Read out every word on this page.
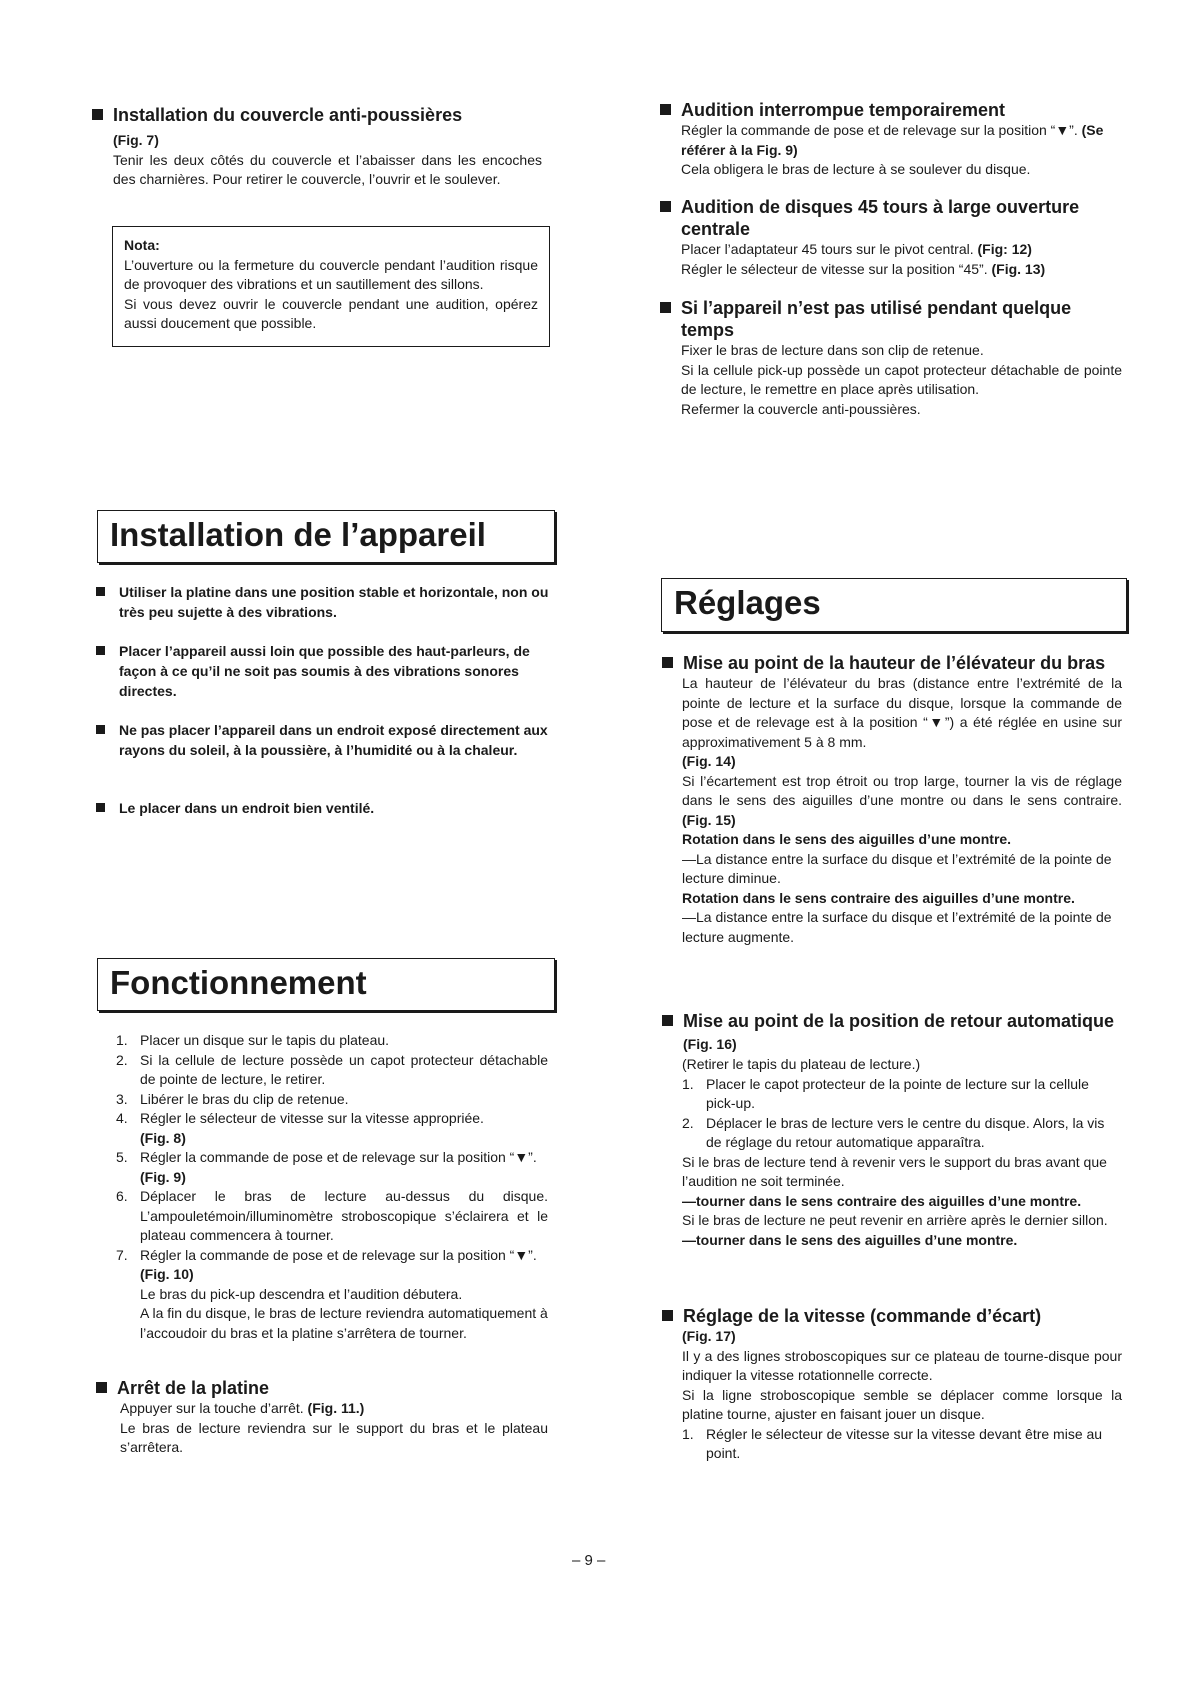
Installation du couvercle anti-poussières
(Fig. 7)
Tenir les deux côtés du couvercle et l’abaisser dans les encoches des charnières. Pour retirer le couvercle, l’ouvrir et le soulever.

Nota:

L’ouverture ou la fermeture du couvercle pendant l’audition risque de provoquer des vibrations et un sautillement des sillons.

Si vous devez ouvrir le couvercle pendant une audition, opérez aussi doucement que possible.

Installation de l’appareil
Utiliser la platine dans une position stable et horizontale, non ou très peu sujette à des vibrations.
Placer l’appareil aussi loin que possible des haut-parleurs, de façon à ce qu’il ne soit pas soumis à des vibrations sonores directes.
Ne pas placer l’appareil dans un endroit exposé directement aux rayons du soleil, à la poussière, à l’humidité ou à la chaleur.
Le placer dans un endroit bien ventilé.
Fonctionnement
1. Placer un disque sur le tapis du plateau.
2. Si la cellule de lecture possède un capot protecteur détachable de pointe de lecture, le retirer.
3. Libérer le bras du clip de retenue.
4. Régler le sélecteur de vitesse sur la vitesse appropriée.
(Fig. 8)
5. Régler la commande de pose et de relevage sur la position “▼”. (Fig. 9)
6. Déplacer le bras de lecture au-dessus du disque. L’ampouletémoin/illuminomètre stroboscopique s’éclairera et le plateau commencera à tourner.
7. Régler la commande de pose et de relevage sur la position “▼”. (Fig. 10)
Le bras du pick-up descendra et l’audition débutera.
A la fin du disque, le bras de lecture reviendra automatiquement à l’accoudoir du bras et la platine s’arrêtera de tourner.
Arrêt de la platine
Appuyer sur la touche d’arrêt. (Fig. 11.)
Le bras de lecture reviendra sur le support du bras et le plateau s’arrêtera.
Audition interrompue temporairement
Régler la commande de pose et de relevage sur la position “▼”. (Se référer à la Fig. 9)
Cela obligera le bras de lecture à se soulever du disque.
Audition de disques 45 tours à large ouverture centrale
Placer l’adaptateur 45 tours sur le pivot central. (Fig: 12)
Régler le sélecteur de vitesse sur la position “45”. (Fig. 13)
Si l’appareil n’est pas utilisé pendant quelque temps
Fixer le bras de lecture dans son clip de retenue.
Si la cellule pick-up possède un capot protecteur détachable de pointe de lecture, le remettre en place après utilisation.
Refermer la couvercle anti-poussières.
Réglages
Mise au point de la hauteur de l’élévateur du bras
La hauteur de l’élévateur du bras (distance entre l’extrémité de la pointe de lecture et la surface du disque, lorsque la commande de pose et de relevage est à la position “▼”) a été réglée en usine sur approximativement 5 à 8 mm.
(Fig. 14)
Si l’écartement est trop étroit ou trop large, tourner la vis de réglage dans le sens des aiguilles d’une montre ou dans le sens contraire. (Fig. 15)
Rotation dans le sens des aiguilles d’une montre.
—La distance entre la surface du disque et l’extrémité de la pointe de lecture diminue.
Rotation dans le sens contraire des aiguilles d’une montre.
—La distance entre la surface du disque et l’extrémité de la pointe de lecture augmente.
Mise au point de la position de retour automatique (Fig. 16)
(Retirer le tapis du plateau de lecture.)
1. Placer le capot protecteur de la pointe de lecture sur la cellule pick-up.
2. Déplacer le bras de lecture vers le centre du disque. Alors, la vis de réglage du retour automatique apparaîtra.
Si le bras de lecture tend à revenir vers le support du bras avant que l’audition ne soit terminée.
—tourner dans le sens contraire des aiguilles d’une montre.
Si le bras de lecture ne peut revenir en arrière après le dernier sillon.
—tourner dans le sens des aiguilles d’une montre.
Réglage de la vitesse (commande d’écart)
(Fig. 17)
Il y a des lignes stroboscopiques sur ce plateau de tourne-disque pour indiquer la vitesse rotationnelle correcte.
Si la ligne stroboscopique semble se déplacer comme lorsque la platine tourne, ajuster en faisant jouer un disque.
1. Régler le sélecteur de vitesse sur la vitesse devant être mise au point.
– 9 –
